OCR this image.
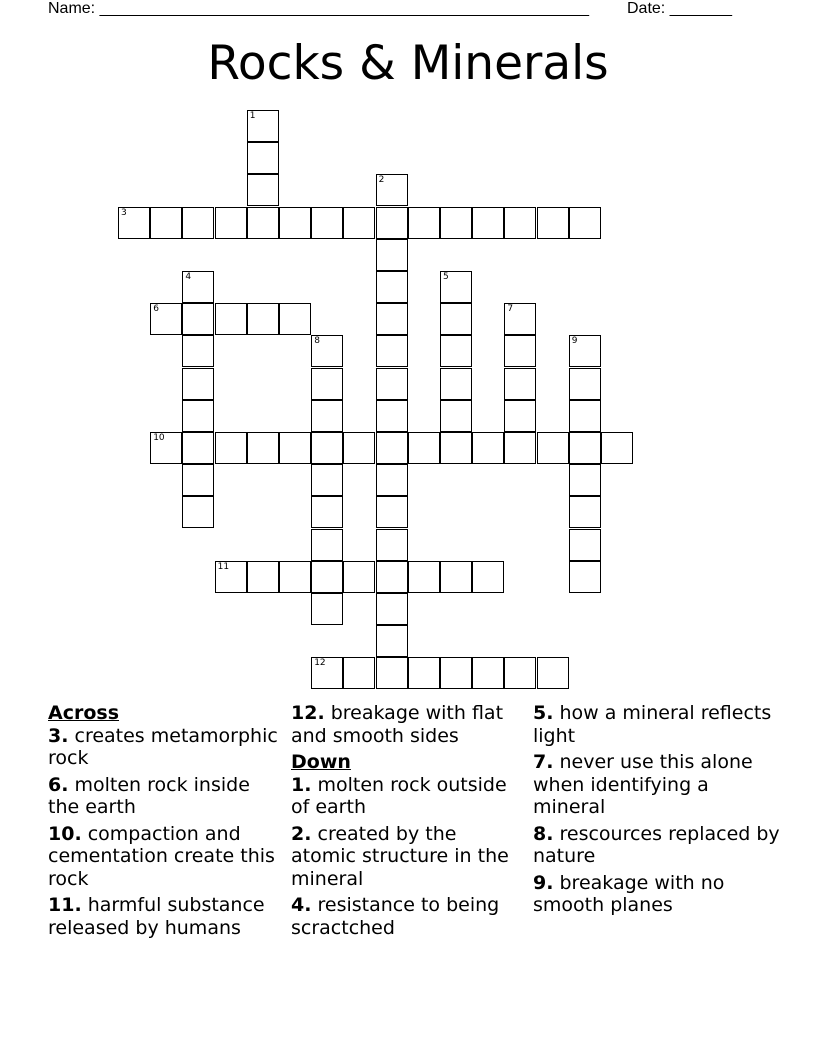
Name: _______________________________________________________ Date: _______
Rocks & Minerals
3
6
10
11
12
1
2
4	5
7
8	9
Across
3. creates metamorphic rock
6. molten rock inside the earth
10. compaction and cementation create this rock
11. harmful substance released by humans
12. breakage with flat and smooth sides
Down
1. molten rock outside of earth
2. created by the atomic structure in the mineral
4. resistance to being scractched
5. how a mineral reflects light
7. never use this alone when identifying a mineral
8. rescources replaced by nature
9. breakage with no smooth planes
